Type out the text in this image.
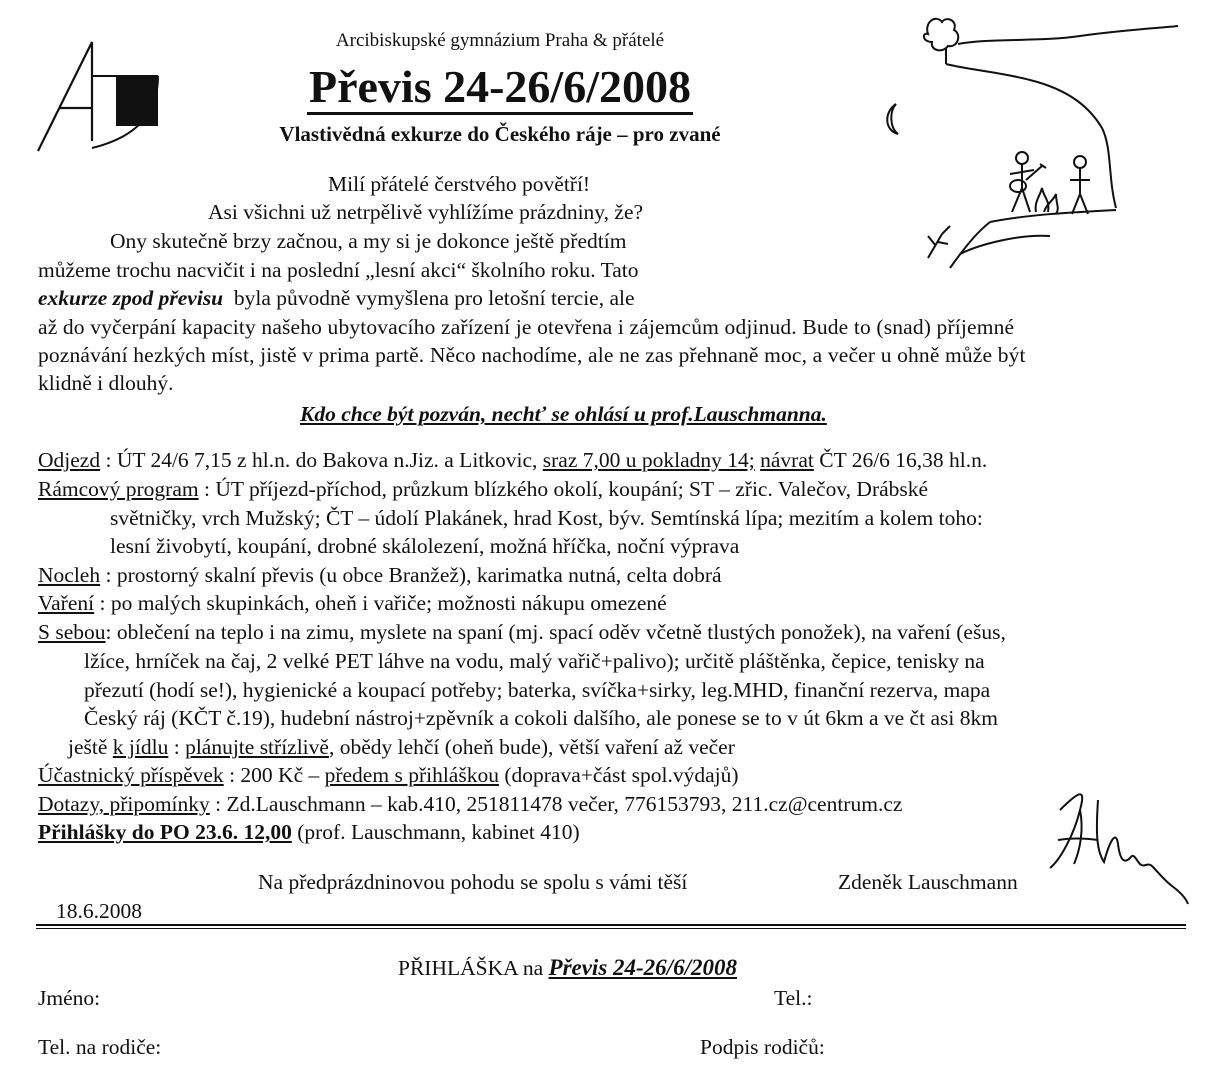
Arcibiskupské gymnázium Praha & přátelé
Převis 24-26/6/2008
Vlastivědná exkurze do Českého ráje – pro zvané
Milí přátelé čerstvého povětří!
Asi všichni už netrpělivě vyhlížíme prázdniny, že?
Ony skutečně brzy začnou, a my si je dokonce ještě předtím
můžeme trochu nacvičit i na poslední „lesní akci“ školního roku. Tato
exkurze zpod převisu byla původně vymyšlena pro letošní tercie, ale
až do vyčerpání kapacity našeho ubytovacího zařízení je otevřena i zájemcům odjinud. Bude to (snad) příjemné
poznávání hezkých míst, jistě v prima partě. Něco nachodíme, ale ne zas přehnaně moc, a večer u ohně může být
klidně i dlouhý.
Kdo chce být pozván, nechť se ohlásí u prof.Lauschmanna.
Odjezd : ÚT 24/6 7,15 z hl.n. do Bakova n.Jiz. a Litkovic, sraz 7,00 u pokladny 14; návrat ČT 26/6 16,38 hl.n.
Rámcový program : ÚT příjezd-příchod, průzkum blízkého okolí, koupání; ST – zřic. Valečov, Drábské
světničky, vrch Mužský; ČT – údolí Plakánek, hrad Kost, býv. Semtínská lípa; mezitím a kolem toho:
lesní živobytí, koupání, drobné skálolezení, možná hříčka, noční výprava
Nocleh : prostorný skalní převis (u obce Branžež), karimatka nutná, celta dobrá
Vaření : po malých skupinkách, oheň i vařiče; možnosti nákupu omezené
S sebou: oblečení na teplo i na zimu, myslete na spaní (mj. spací oděv včetně tlustých ponožek), na vaření (ešus,
lžíce, hrníček na čaj, 2 velké PET láhve na vodu, malý vařič+palivo); určitě pláštěnka, čepice, tenisky na
přezutí (hodí se!), hygienické a koupací potřeby; baterka, svíčka+sirky, leg.MHD, finanční rezerva, mapa
Český ráj (KČT č.19), hudební nástroj+zpěvník a cokoli dalšího, ale ponese se to v út 6km a ve čt asi 8km
ještě k jídlu : plánujte střízlivě, obědy lehčí (oheň bude), větší vaření až večer
Účastnický příspěvek : 200 Kč – předem s přihláškou (doprava+část spol.výdajů)
Dotazy, připomínky : Zd.Lauschmann – kab.410, 251811478 večer, 776153793, 211.cz@centrum.cz
Přihlášky do PO 23.6. 12,00 (prof. Lauschmann, kabinet 410)
Na předprázdninovou pohodu se spolu s vámi těší	Zdeněk Lauschmann
18.6.2008
PŘIHLÁŠKA na Převis 24-26/6/2008
Jméno:	Tel.:
Tel. na rodiče:	Podpis rodičů:
